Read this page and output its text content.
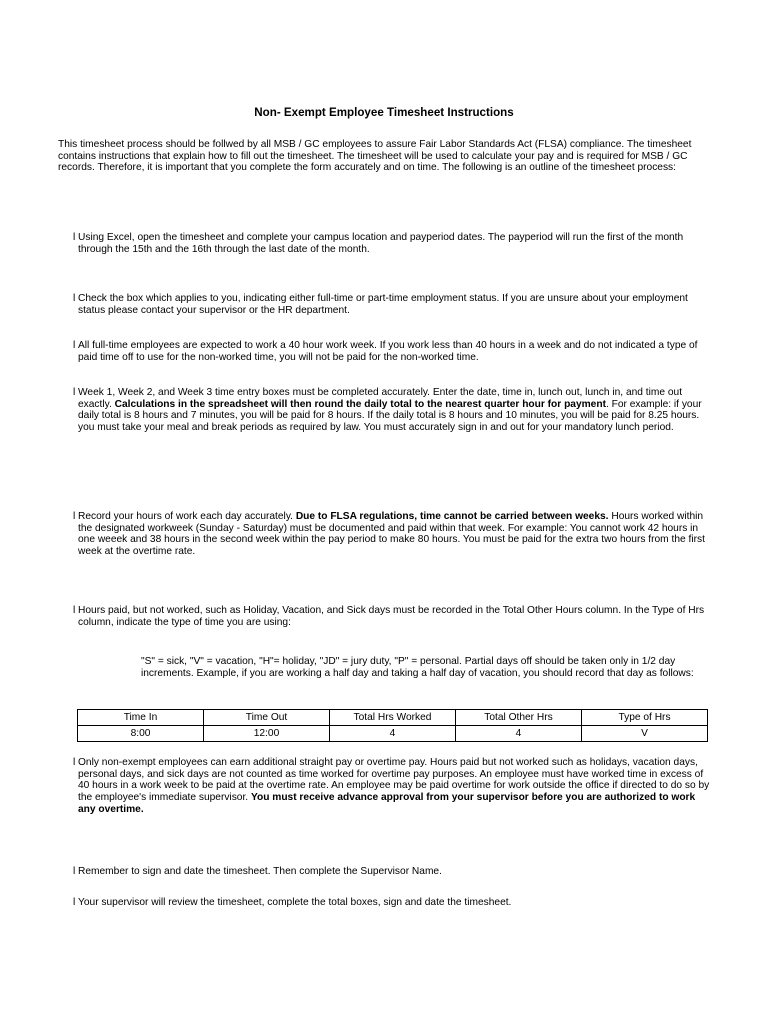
Non- Exempt Employee Timesheet Instructions
This timesheet process should be follwed by all MSB / GC employees to assure Fair Labor Standards Act (FLSA) compliance. The timesheet contains instructions that explain how to fill out the timesheet. The timesheet will be used to calculate your pay and is required for MSB / GC records. Therefore, it is important that you complete the form accurately and on time. The following is an outline of the timesheet process:
l Using Excel, open the timesheet and complete your campus location and payperiod dates. The payperiod will run the first of the month through the 15th and the 16th through the last date of the month.
l Check the box which applies to you, indicating either full-time or part-time employment status. If you are unsure about your employment status please contact your supervisor or the HR department.
l All full-time employees are expected to work a 40 hour work week. If you work less than 40 hours in a week and do not indicated a type of paid time off to use for the non-worked time, you will not be paid for the non-worked time.
l Week 1, Week 2, and Week 3 time entry boxes must be completed accurately. Enter the date, time in, lunch out, lunch in, and time out exactly. Calculations in the spreadsheet will then round the daily total to the nearest quarter hour for payment. For example: if your daily total is 8 hours and 7 minutes, you will be paid for 8 hours. If the daily total is 8 hours and 10 minutes, you will be paid for 8.25 hours. you must take your meal and break periods as required by law. You must accurately sign in and out for your mandatory lunch period.
l Record your hours of work each day accurately. Due to FLSA regulations, time cannot be carried between weeks. Hours worked within the designated workweek (Sunday - Saturday) must be documented and paid within that week. For example: You cannot work 42 hours in one weeek and 38 hours in the second week within the pay period to make 80 hours. You must be paid for the extra two hours from the first week at the overtime rate.
l Hours paid, but not worked, such as Holiday, Vacation, and Sick days must be recorded in the Total Other Hours column. In the Type of Hrs column, indicate the type of time you are using:
"S" = sick, "V" = vacation, "H"= holiday, "JD" = jury duty, "P" = personal. Partial days off should be taken only in 1/2 day increments. Example, if you are working a half day and taking a half day of vacation, you should record that day as follows:
Time In	Time Out	Total Hrs Worked	Total Other Hrs	Type of Hrs
8:00	12:00	4	4	V
l Only non-exempt employees can earn additional straight pay or overtime pay. Hours paid but not worked such as holidays, vacation days, personal days, and sick days are not counted as time worked for overtime pay purposes. An employee must have worked time in excess of 40 hours in a work week to be paid at the overtime rate. An employee may be paid overtime for work outside the office if directed to do so by the employee's immediate supervisor. You must receive advance approval from your supervisor before you are authorized to work any overtime.
l Remember to sign and date the timesheet. Then complete the Supervisor Name.
l Your supervisor will review the timesheet, complete the total boxes, sign and date the timesheet.
